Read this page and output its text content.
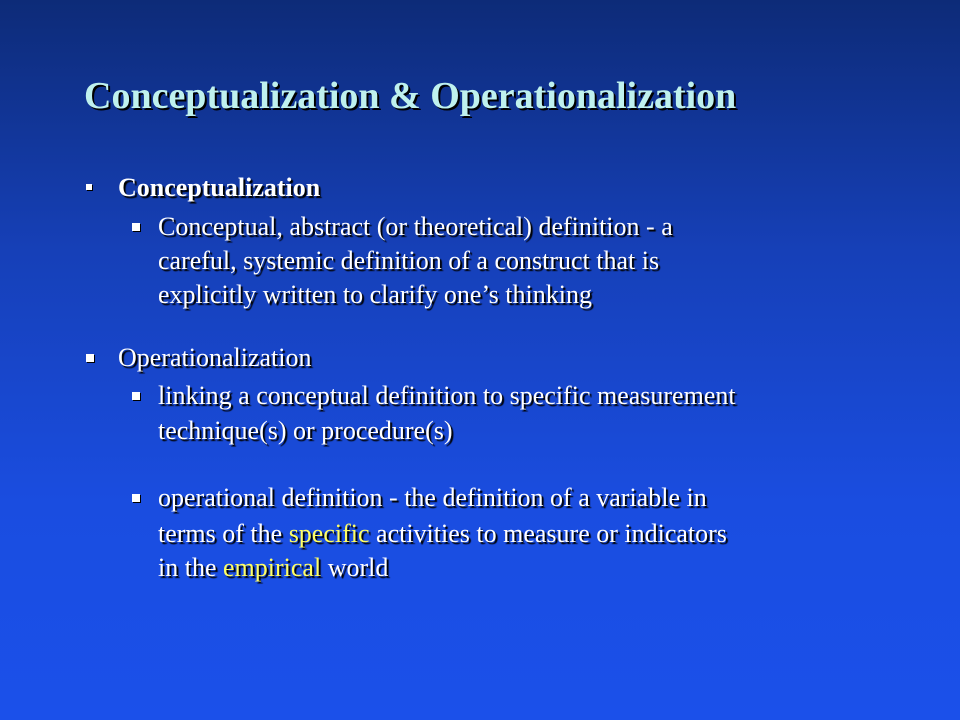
Conceptualization & Operationalization
Conceptualization
Conceptual, abstract (or theoretical) definition - a
careful, systemic definition of a construct that is
explicitly written to clarify one’s thinking
Operationalization
linking a conceptual definition to specific measurement
technique(s) or procedure(s)
operational definition - the definition of a variable in
terms of the specific activities to measure or indicators
in the empirical world
